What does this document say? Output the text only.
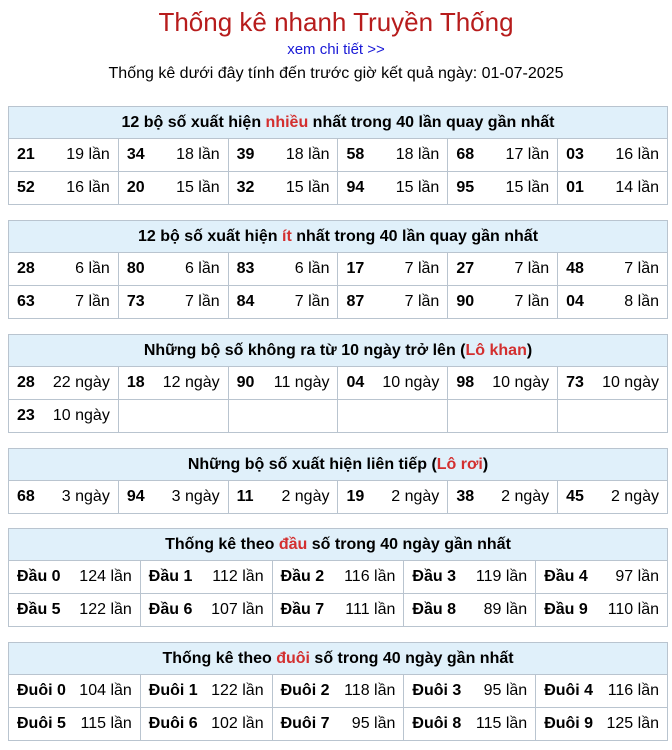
Thống kê nhanh Truyền Thống
xem chi tiết >>
Thống kê dưới đây tính đến trước giờ kết quả ngày: 01-07-2025
12 bộ số xuất hiện nhiều nhất trong 40 lần quay gần nhất					
21 19 lần	34 18 lần	39 18 lần	58 18 lần	68 17 lần	03 16 lần

52 16 lần	20 15 lần	32 15 lần	94 15 lần	95 15 lần	01 14 lần
12 bộ số xuất hiện ít nhất trong 40 lần quay gần nhất					
28 6 lần	80 6 lần	83 6 lần	17 7 lần	27 7 lần	48 7 lần

63 7 lần	73 7 lần	84 7 lần	87 7 lần	90 7 lần	04 8 lần
Những bộ số không ra từ 10 ngày trở lên (Lô khan)					
28 22 ngày	18 12 ngày	90 11 ngày	04 10 ngày	98 10 ngày	73 10 ngày

23 10 ngày					

Những bộ số xuất hiện liên tiếp (Lô rơi)
68 3 ngày	94 3 ngày	11 2 ngày	19 2 ngày	38 2 ngày	45 2 ngày
Thống kê theo đầu số trong 40 ngày gần nhất				
Đầu 0 124 lần	Đầu 1 112 lần	Đầu 2 116 lần	Đầu 3 119 lần	Đầu 4 97 lần

Đầu 5 122 lần	Đầu 6 107 lần	Đầu 7 111 lần	Đầu 8 89 lần	Đầu 9 110 lần
Thống kê theo đuôi số trong 40 ngày gần nhất				
Đuôi 0 104 lần	Đuôi 1 122 lần	Đuôi 2 118 lần	Đuôi 3 95 lần	Đuôi 4 116 lần

Đuôi 5 115 lần	Đuôi 6 102 lần	Đuôi 7 95 lần	Đuôi 8 115 lần	Đuôi 9 125 lần
